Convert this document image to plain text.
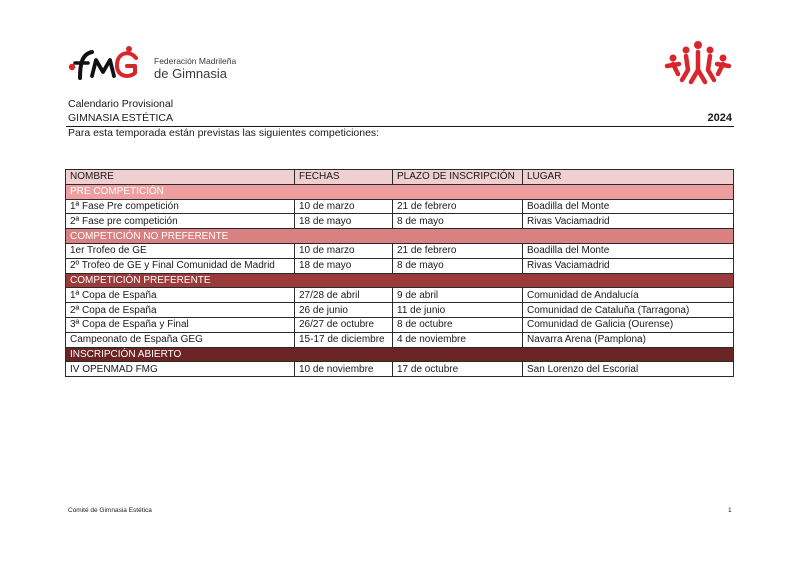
Federación Madrileña
de Gimnasia
Calendario Provisional
GIMNASIA ESTÉTICA	2024
Para esta temporada están previstas las siguientes competiciones:
NOMBRE	FECHAS	PLAZO DE INSCRIPCIÓN	LUGAR
PRE COMPETICIÓN			
1ª Fase Pre competición	10 de marzo	21 de febrero	Boadilla del Monte
2ª Fase pre competición	18 de mayo	8 de mayo	Rivas Vaciamadrid
COMPETICIÓN NO PREFERENTE			
1er Trofeo de GE	10 de marzo	21 de febrero	Boadilla del Monte
2º Trofeo de GE y Final Comunidad de Madrid	18 de mayo	8 de mayo	Rivas Vaciamadrid
COMPETICIÓN PREFERENTE			
1ª Copa de España	27/28 de abril	9 de abril	Comunidad de Andalucía
2ª Copa de España	26 de junio	11 de junio	Comunidad de Cataluña (Tarragona)
3ª Copa de España y Final	26/27 de octubre	8 de octubre	Comunidad de Galicia (Ourense)
Campeonato de España GEG	15-17 de diciembre	4 de noviembre	Navarra Arena (Pamplona)
INSCRIPCIÓN ABIERTO			
IV OPENMAD FMG	10 de noviembre	17 de octubre	San Lorenzo del Escorial
Comité de Gimnasia Estética	1
